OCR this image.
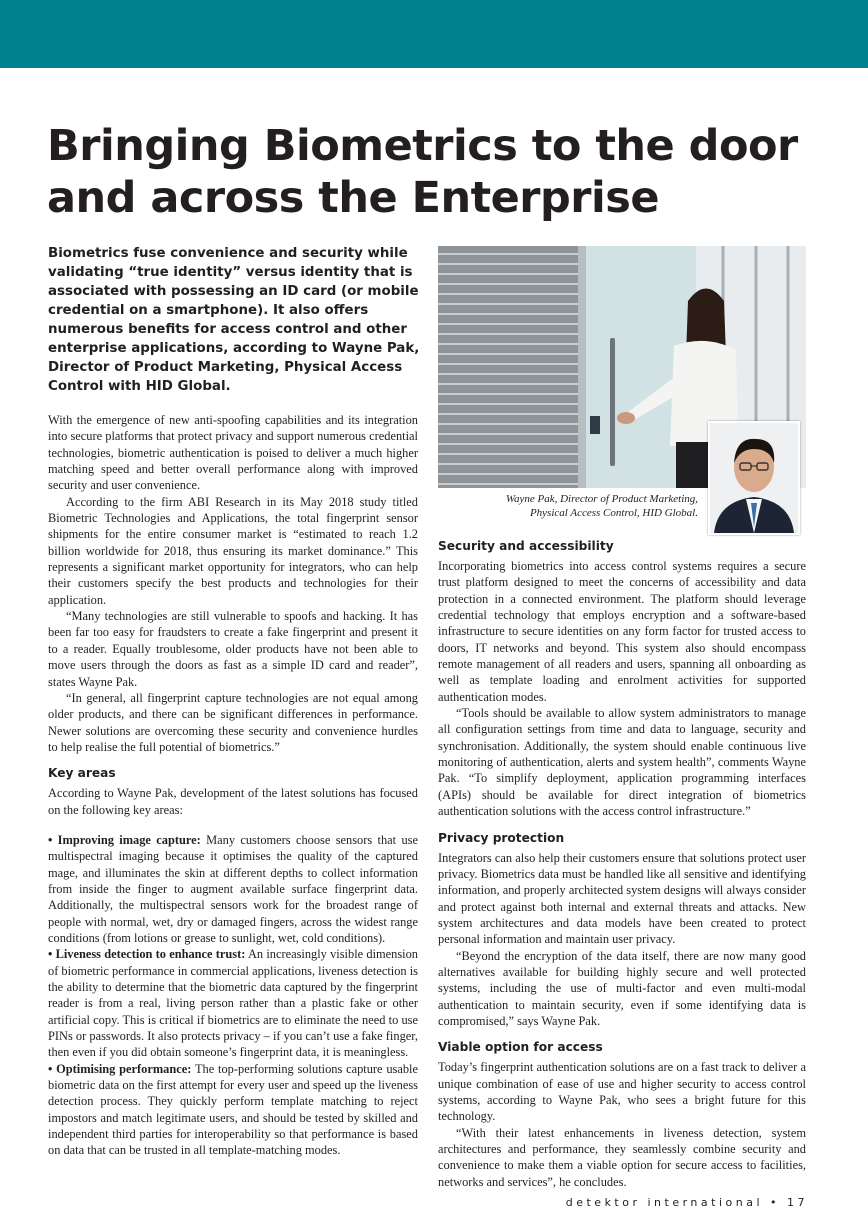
Bringing Biometrics to the door
and across the Enterprise

Biometrics fuse convenience and security while validating “true identity” versus identity that is associated with possessing an ID card (or mobile credential on a smartphone). It also offers numerous benefits for access control and other enterprise applications, according to Wayne Pak, Director of Product Marketing, Physical Access Control with HID Global.

Wayne Pak, Director of Product Marketing, Physical Access Control, HID Global.

With the emergence of new anti-spoofing capabilities and its integration into secure platforms that protect privacy and support numerous credential technologies, biometric authentication is poised to deliver a much higher matching speed and better overall performance along with improved security and user convenience.

According to the firm ABI Research in its May 2018 study titled Biometric Technologies and Applications, the total fingerprint sensor shipments for the entire consumer market is “estimated to reach 1.2 billion worldwide for 2018, thus ensuring its market dominance.” This represents a significant market opportunity for integrators, who can help their customers specify the best products and technologies for their application.

“Many technologies are still vulnerable to spoofs and hacking. It has been far too easy for fraudsters to create a fake fingerprint and present it to a reader. Equally troublesome, older products have not been able to move users through the doors as fast as a simple ID card and reader”, states Wayne Pak.

“In general, all fingerprint capture technologies are not equal among older products, and there can be significant differences in performance. Newer solutions are overcoming these security and convenience hurdles to help realise the full potential of biometrics.”

Key areas

According to Wayne Pak, development of the latest solutions has focused on the following key areas:

• Improving image capture: Many customers choose sensors that use multispectral imaging because it optimises the quality of the captured mage, and illuminates the skin at different depths to collect information from inside the finger to augment available surface fingerprint data. Additionally, the multispectral sensors work for the broadest range of people with normal, wet, dry or damaged fingers, across the widest range conditions (from lotions or grease to sunlight, wet, cold conditions).

• Liveness detection to enhance trust: An increasingly visible dimension of biometric performance in commercial applications, liveness detection is the ability to determine that the biometric data captured by the fingerprint reader is from a real, living person rather than a plastic fake or other artificial copy. This is critical if biometrics are to eliminate the need to use PINs or passwords. It also protects privacy – if you can’t use a fake finger, then even if you did obtain someone’s fingerprint data, it is meaningless.

• Optimising performance: The top-performing solutions capture usable biometric data on the first attempt for every user and speed up the liveness detection process. They quickly perform template matching to reject impostors and match legitimate users, and should be tested by skilled and independent third parties for interoperability so that performance is based on data that can be trusted in all template-matching modes.

Security and accessibility

Incorporating biometrics into access control systems requires a secure trust platform designed to meet the concerns of accessibility and data protection in a connected environment. The platform should leverage credential technology that employs encryption and a software-based infrastructure to secure identities on any form factor for trusted access to doors, IT networks and beyond. This system also should encompass remote management of all readers and users, spanning all onboarding as well as template loading and enrolment activities for supported authentication modes.

“Tools should be available to allow system administrators to manage all configuration settings from time and data to language, security and synchronisation. Additionally, the system should enable continuous live monitoring of authentication, alerts and system health”, comments Wayne Pak. “To simplify deployment, application programming interfaces (APIs) should be available for direct integration of biometrics authentication solutions with the access control infrastructure.”

Privacy protection

Integrators can also help their customers ensure that solutions protect user privacy. Biometrics data must be handled like all sensitive and identifying information, and properly architected system designs will always consider and protect against both internal and external threats and attacks. New system architectures and data models have been created to protect personal information and maintain user privacy.

“Beyond the encryption of the data itself, there are now many good alternatives available for building highly secure and well protected systems, including the use of multi-factor and even multi-modal authentication to maintain security, even if some identifying data is compromised,” says Wayne Pak.

Viable option for access

Today’s fingerprint authentication solutions are on a fast track to deliver a unique combination of ease of use and higher security to access control systems, according to Wayne Pak, who sees a bright future for this technology.

“With their latest enhancements in liveness detection, system architectures and performance, they seamlessly combine security and convenience to make them a viable option for secure access to facilities, networks and services”, he concludes.

detektor international • 17
